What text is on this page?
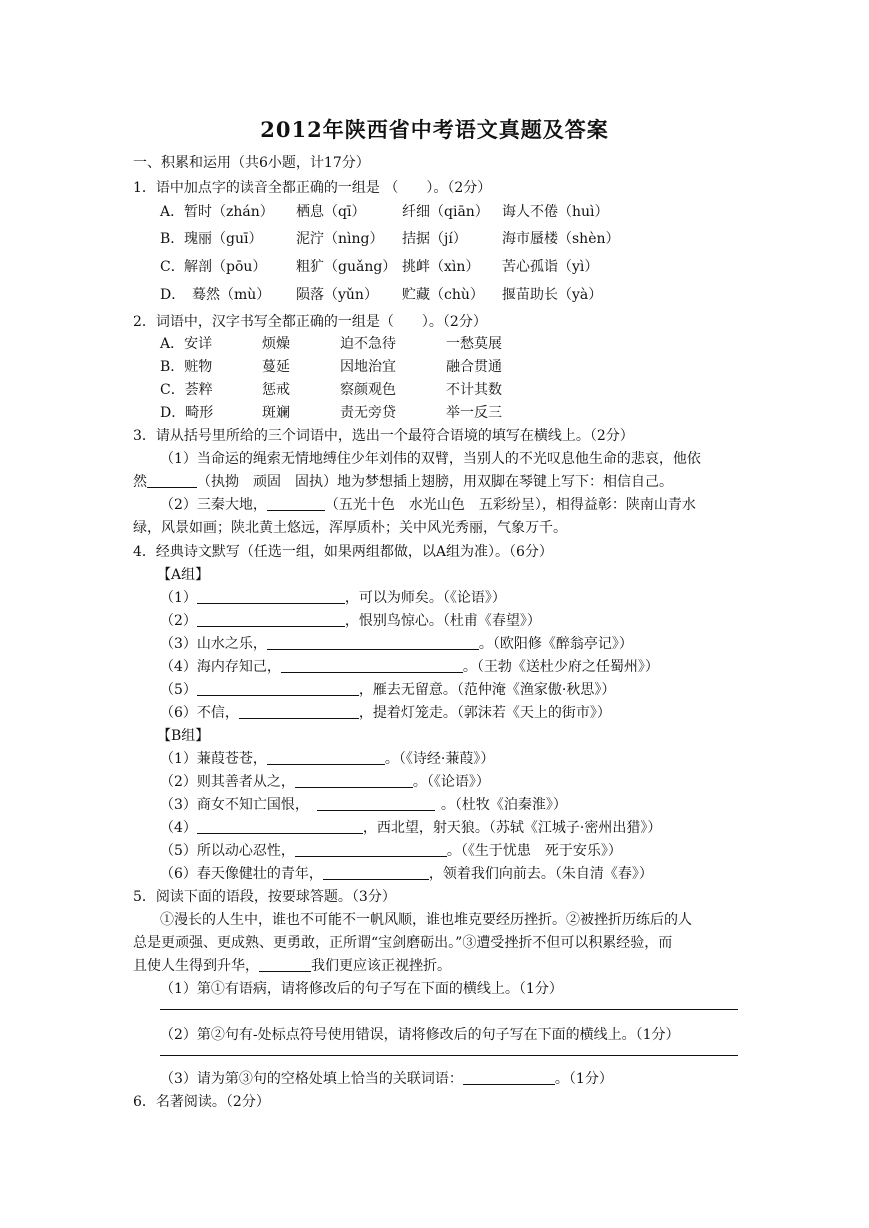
2012年陕西省中考语文真题及答案
一、积累和运用（共6小题，计17分）
1．语中加点字的读音全都正确的一组是 （　　）。（2分）
A．暂时（zhán） 栖息（qī）	纤细（qiān） 诲人不倦（huì）
B．瑰丽（guī） 泥泞（nìng） 拮据（jí）	海市蜃楼（shèn）
C．解剖（pōu） 粗犷（guǎng） 挑衅（xìn） 苦心孤诣（yì）
D． 蓦然（mù） 陨落（yǔn） 贮藏（chù） 揠苗助长（yà）
2．词语中，汉字书写全都正确的一组是（　　）。（2分）
A．安详	烦燥	迫不急待	一愁莫展
B．赃物	蔓延	因地治宜	融合贯通
C．荟粹	惩戒	察颜观色	不计其数
D．畸形	斑斓	责无旁贷	举一反三
3．请从括号里所给的三个词语中，选出一个最符合语境的填写在横线上。（2分）
（1）当命运的绳索无情地缚住少年刘伟的双臂，当别人的不光叹息他生命的悲哀，他依
然	（执拗　顽固　固执）地为梦想插上翅膀，用双脚在琴键上写下：相信自己。
（2）三秦大地，	（五光十色　水光山色　五彩纷呈），相得益彰：陕南山青水
绿，风景如画；陕北黄土悠远，浑厚质朴；关中风光秀丽，气象万千。
4．经典诗文默写（任选一组，如果两组都做，以A组为准）。（6分）
【A组】
（1）	，可以为师矣。（《论语》）
（2）	，恨别鸟惊心。（杜甫《春望》）
（3）山水之乐，	。（欧阳修《醉翁亭记》）
（4）海内存知己，	。（王勃《送杜少府之任蜀州》）
（5）	，雁去无留意。（范仲淹《渔家傲·秋思》）
（6）不信，	，提着灯笼走。（郭沫若《天上的街市》）
【B组】
（1）蒹葭苍苍，	。（《诗经·蒹葭》）
（2）则其善者从之，	。（《论语》）
（3）商女不知亡国恨，	。（杜牧《泊秦淮》）
（4）	，西北望，射天狼。（苏轼《江城子·密州出猎》）
（5）所以动心忍性，	。（《生于忧患　死于安乐》）
（6）春天像健壮的青年，	，领着我们向前去。（朱自清《春》）
5．阅读下面的语段，按要球答题。（3分）
①漫长的人生中，谁也不可能不一帆风顺，谁也堆克要经历挫折。②被挫折历练后的人
总是更顽强、更成熟、更勇敢，正所谓“宝剑磨砺出。”③遭受挫折不但可以积累经验，而
且使人生得到升华，	我们更应该正视挫折。
（1）第①有语病，请将修改后的句子写在下面的横线上。（1分）
（2）第②句有-处标点符号使用错误，请将修改后的句子写在下面的横线上。（1分）
（3）请为第③句的空格处填上恰当的关联词语：	。（1分）
6．名著阅读。（2分）
